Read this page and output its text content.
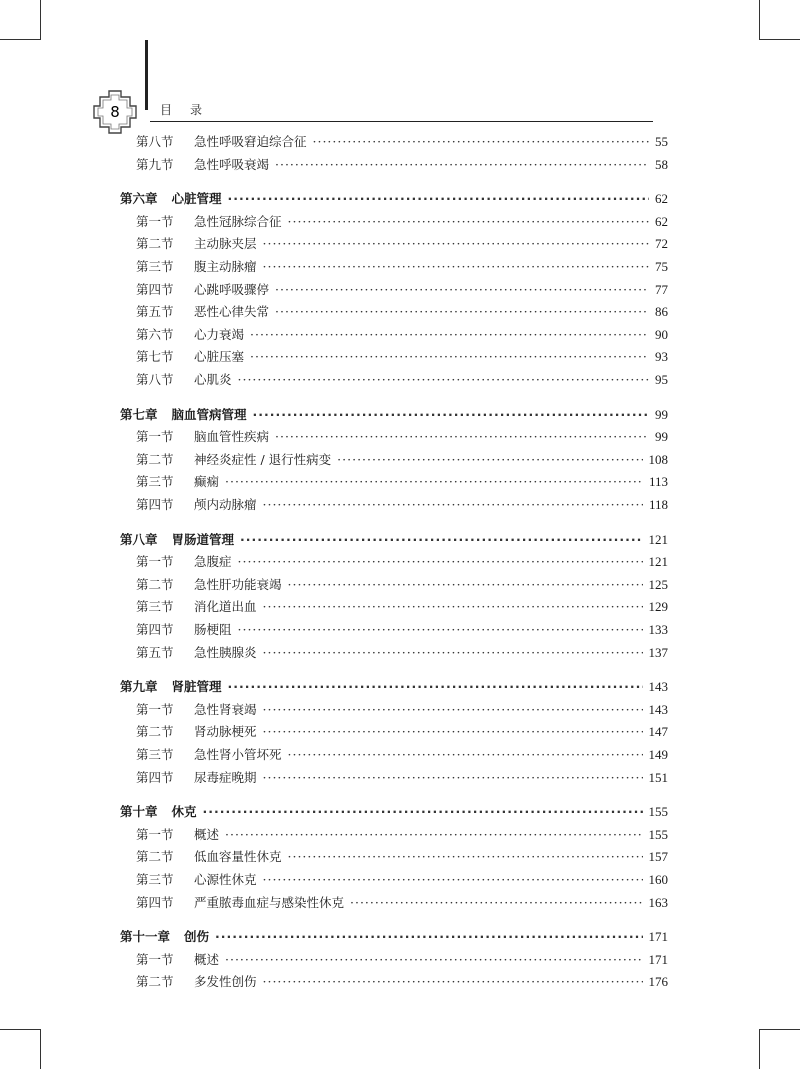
8	目录
第八节 急性呼吸窘迫综合征 ·····	55
第九节 急性呼吸衰竭 ·····	58
第六章 心脏管理 ·····	62
第一节 急性冠脉综合征 ·····	62
第二节 主动脉夹层 ·····	72
第三节 腹主动脉瘤 ·····	75
第四节 心跳呼吸骤停 ·····	77
第五节 恶性心律失常 ·····	86
第六节 心力衰竭 ·····	90
第七节 心脏压塞 ·····	93
第八节 心肌炎 ·····	95
第七章 脑血管病管理 ·····	99
第一节 脑血管性疾病 ·····	99
第二节 神经炎症性 / 退行性病变 ·····	108
第三节 癫痫 ·····	113
第四节 颅内动脉瘤 ·····	118
第八章 胃肠道管理 ·····	121
第一节 急腹症 ·····	121
第二节 急性肝功能衰竭 ·····	125
第三节 消化道出血 ·····	129
第四节 肠梗阻 ·····	133
第五节 急性胰腺炎 ·····	137
第九章 肾脏管理 ·····	143
第一节 急性肾衰竭 ·····	143
第二节 肾动脉梗死 ·····	147
第三节 急性肾小管坏死 ·····	149
第四节 尿毒症晚期 ·····	151
第十章 休克 ·····	155
第一节 概述 ·····	155
第二节 低血容量性休克 ·····	157
第三节 心源性休克 ·····	160
第四节 严重脓毒血症与感染性休克 ·····	163
第十一章 创伤 ·····	171
第一节 概述 ·····	171
第二节 多发性创伤 ·····	176
